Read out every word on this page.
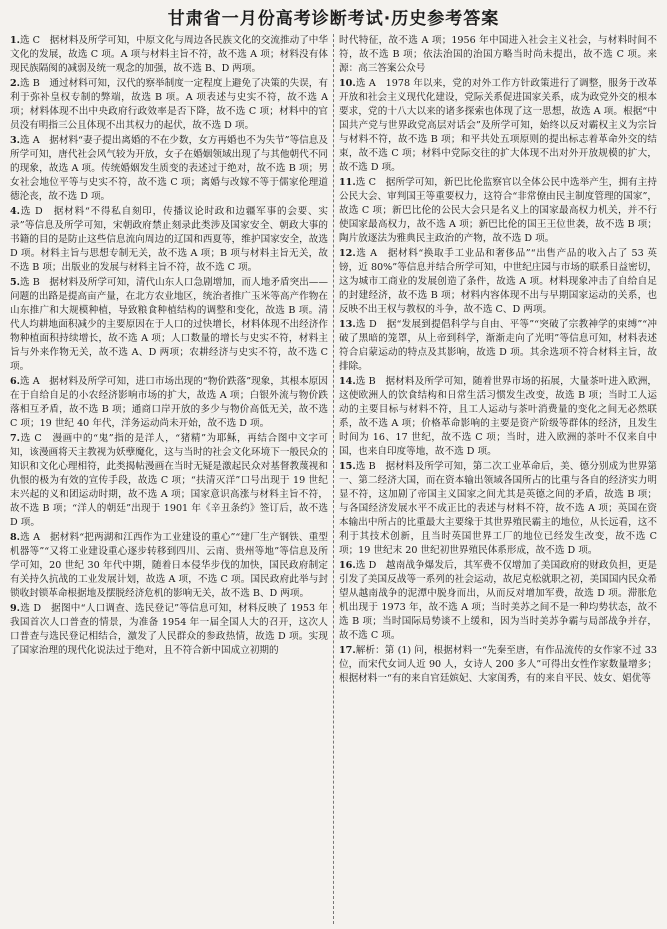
甘肃省一月份高考诊断考试·历史参考答案

1.选 C　据材料及所学可知，中原文化与周边各民族文化的交流推动了中华文化的发展，故选 C 项。A 项与材料主旨不符，故不选 A 项；材料没有体现民族隔阂的减弱及统一观念的加强，故不选 B、D 两项。

2.选 B　通过材料可知，汉代的察举制度一定程度上避免了决策的失误，有利于弥补皇权专制的弊端，故选 B 项。A 项表述与史实不符，故不选 A 项；材料体现不出中央政府行政效率是否下降，故不选 C 项；材料中的官员没有明指三公且体现不出其权力的起伏，故不选 D 项。

3.选 A　据材料“妻子提出离婚的不在少数，女方再婚也不为失节”等信息及所学可知，唐代社会风气较为开放，女子在婚姻领域出现了与其他朝代不同的现象，故选 A 项。传统婚姻发生质变的表述过于绝对，故不选 B 项；男女社会地位平等与史实不符，故不选 C 项；离婚与改嫁不等于儒家伦理道德沦丧，故不选 D 项。

4.选 D　据材料“不得私自刻印，传播议论时政和边疆军事的会要、实录”等信息及所学可知，宋朝政府禁止刻录此类涉及国家安全、朝政大事的书籍的目的是防止这些信息流向周边的辽国和西夏等，维护国家安全，故选 D 项。材料主旨与思想专制无关，故不选 A 项；B 项与材料主旨无关，故不选 B 项；出版业的发展与材料主旨不符，故不选 C 项。

5.选 B　据材料及所学可知，清代山东人口急剧增加，而人地矛盾突出——问题的出路是提高亩产量，在北方农业地区，统治者推广玉米等高产作物在山东推广和大规模种植，导致粮食种植结构的调整和变化，故选 B 项。清代人均耕地面积减少的主要原因在于人口的过快增长，材料体现不出经济作物种植面积持续增长，故不选 A 项；人口数量的增长与史实不符，材料主旨与外来作物无关，故不选 A、D 两项；农耕经济与史实不符，故不选 C 项。

6.选 A　据材料及所学可知，进口市场出现的“物价跌落”现象，其根本原因在于自给自足的小农经济影响市场的扩大，故选 A 项；白银外流与物价跌落相互矛盾，故不选 B 项；通商口岸开放的多少与物价高低无关，故不选 C 项；19 世纪 40 年代，洋务运动尚未开始，故不选 D 项。

7.选 C　漫画中的“鬼”指的是洋人，“猪精”为耶稣，再结合图中文字可知，该漫画将天主教视为妖孽魔化，这与当时的社会文化环境下一般民众的知识和文化心理相符，此类揭帖漫画在当时无疑是激起民众对基督教蔑视和仇恨的极为有效的宣传手段，故选 C 项；“扶清灭洋”口号出现于 19 世纪末兴起的义和团运动时期，故不选 A 项；国家意识高涨与材料主旨不符，故不选 B 项；“洋人的朝廷”出现于 1901 年《辛丑条约》签订后，故不选 D 项。

8.选 A　据材料“把两湖和江西作为工业建设的重心”“建厂生产钢铁、重型机器等”“又将工业建设重心逐步转移到四川、云南、贵州等地”等信息及所学可知，20 世纪 30 年代中期，随着日本侵华步伐的加快，国民政府制定有关持久抗战的工业发展计划，故选 A 项，不选 C 项。国民政府此举与封锁收封锁革命根据地及摆脱经济危机的影响无关，故不选 B、D 两项。

9.选 D　据图中“人口调查、选民登记”等信息可知，材料反映了 1953 年我国首次人口普查的情景，为准备 1954 年一届全国人大的召开，这次人口普查与选民登记相结合，激发了人民群众的参政热情，故选 D 项。实现了国家治理的现代化说法过于绝对，且不符合新中国成立初期的

时代特征，故不选 A 项；1956 年中国进入社会主义社会，与材料时间不符，故不选 B 项；依法治国的治国方略当时尚未提出，故不选 C 项。来源：高三答案公众号

10.选 A　1978 年以来，党的对外工作方针政策进行了调整，服务于改革开放和社会主义现代化建设，党际关系促进国家关系，成为政党外交的根本要求，党的十八大以来的诸多探索也体现了这一思想，故选 A 项。根据“中国共产党与世界政党高层对话会”及所学可知，始终以反对霸权主义为宗旨与材料不符，故不选 B 项；和平共处五项原则的提出标志着革命外交的结束，故不选 C 项；材料中党际交往的扩大体现不出对外开放规模的扩大，故不选 D 项。

11.选 C　据所学可知，新巴比伦监察官以全体公民中选举产生，拥有主持公民大会、审判国王等重要权力，这符合“非常僚由民主制度管理的国家”，故选 C 项；新巴比伦的公民大会只是名义上的国家最高权力机关，并不行使国家最高权力，故不选 A 项；新巴比伦的国王王位世袭，故不选 B 项；陶片放逐法为雅典民主政治的产物，故不选 D 项。

12.选 A　据材料“换取手工业品和奢侈品”“出售产品的收入占了 53 英镑，近 80%”等信息并结合所学可知，中世纪庄园与市场的联系日益密切，这为城市工商业的发展创造了条件，故选 A 项。材料现象冲击了自给自足的封建经济，故不选 B 项；材料内容体现不出与早期国家运动的关系，也反映不出王权与教权的斗争，故不选 C、D 两项。

13.选 D　据“发展到提倡科学与自由、平等”“突破了宗教神学的束缚”“冲破了黑暗的笼罩，从上帝到科学，渐渐走向了光明”等信息可知，材料表述符合启蒙运动的特点及其影响，故选 D 项。其余选项不符合材料主旨，故排除。

14.选 B　据材料及所学可知，随着世界市场的拓展，大量茶叶进入欧洲，这使欧洲人的饮食结构和日常生活习惯发生改变，故选 B 项；当时工人运动的主要目标与材料不符，且工人运动与茶叶消费量的变化之间无必然联系，故不选 A 项；价格革命影响的主要是资产阶级等群体的经济，且发生时间为 16、17 世纪，故不选 C 项；当时，进入欧洲的茶叶不仅来自中国，也来自印度等地，故不选 D 项。

15.选 B　据材料及所学可知，第二次工业革命后，美、德分别成为世界第一、第二经济大国，而在资本输出领域各国所占的比重与各自的经济实力明显不符，这加剧了帝国主义国家之间尤其是英德之间的矛盾，故选 B 项；与各国经济发展水平不成正比的表述与材料不符，故不选 A 项；英国在资本输出中所占的比重最大主要缘于其世界殖民霸主的地位，从长远看，这不利于其技术创新，且当时英国世界工厂的地位已经发生改变，故不选 C 项；19 世纪末 20 世纪初世界殖民体系形成，故不选 D 项。

16.选 D　越南战争爆发后，其军费不仅增加了美国政府的财政负担，更是引发了美国反战等一系列的社会运动，故尼克松就职之初，美国国内民众希望从越南战争的泥潭中脱身而出，从而反对增加军费，故选 D 项。滞胀危机出现于 1973 年，故不选 A 项；当时美苏之间不是一种均势状态，故不选 B 项；当时国际局势谈不上缓和，因为当时美苏争霸与局部战争并存，故不选 C 项。

17.解析：第 (1) 问，根据材料一“先秦至唐，有作品流传的女作家不过 33 位，而宋代女词人近 90 人，女诗人 200 多人”可得出女性作家数量增多；根据材料一“有的来自官廷嫔妃、大家闺秀，有的来自平民、妓女、娼优等
